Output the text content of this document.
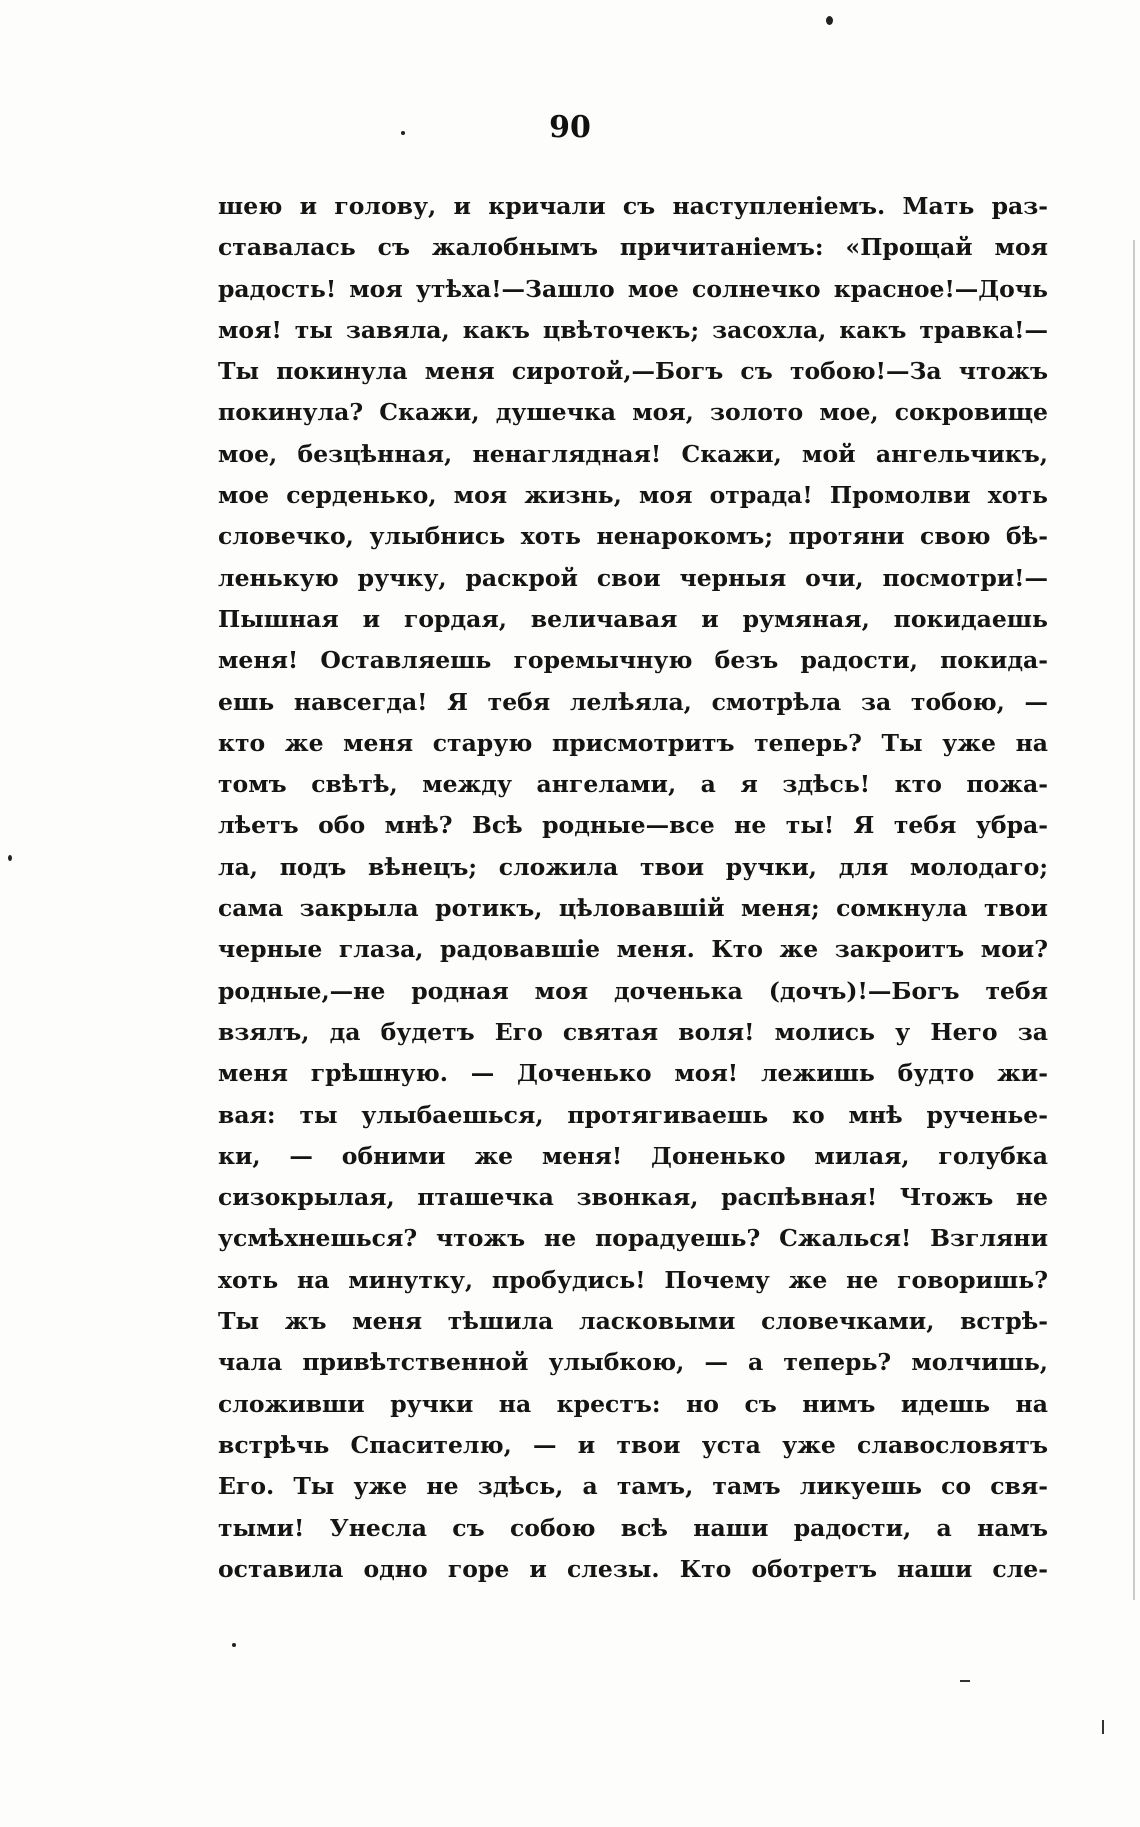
90
шею и голову, и кричали съ наступленіемъ. Мать раз-
ставалась съ жалобнымъ причитаніемъ: «Прощай моя
радость! моя утѣха!—Зашло мое солнечко красное!—Дочь
моя! ты завяла, какъ цвѣточекъ; засохла, какъ травка!—
Ты покинула меня сиротой,—Богъ съ тобою!—За чтожъ
покинула? Скажи, душечка моя, золото мое, сокровище
мое, безцѣнная, ненаглядная! Скажи, мой ангельчикъ,
мое серденько, моя жизнь, моя отрада! Промолви хоть
словечко, улыбнись хоть ненарокомъ; протяни свою бѣ-
ленькую ручку, раскрой свои черныя очи, посмотри!—
Пышная и гордая, величавая и румяная, покидаешь
меня! Оставляешь горемычную безъ радости, покида-
ешь навсегда! Я тебя лелѣяла, смотрѣла за тобою, —
кто же меня старую присмотритъ теперь? Ты уже на
томъ свѣтѣ, между ангелами, а я здѣсь! кто пожа-
лѣетъ обо мнѣ? Всѣ родные—все не ты! Я тебя убра-
ла, подъ вѣнецъ; сложила твои ручки, для молодаго;
сама закрыла ротикъ, цѣловавшій меня; сомкнула твои
черные глаза, радовавшіе меня. Кто же закроитъ мои?
родные,—не родная моя доченька (дочъ)!—Богъ тебя
взялъ, да будетъ Его святая воля! молись у Него за
меня грѣшную. — Доченько моя! лежишь будто жи-
вая: ты улыбаешься, протягиваешь ко мнѣ рученьe-
ки, — обними же меня! Доненько милая, голубка
сизокрылая, пташечка звонкая, распѣвная! Чтожъ не
усмѣхнешься? чтожъ не порадуешь? Сжалься! Взгляни
хоть на минутку, пробудись! Почему же не говоришь?
Ты жъ меня тѣшила ласковыми словечками, встрѣ-
чала привѣтственной улыбкою, — а теперь? молчишь,
сложивши ручки на крестъ: но съ нимъ идешь на
встрѣчь Спасителю, — и твои уста уже славословятъ
Его. Ты уже не здѣсь, а тамъ, тамъ ликуешь со свя-
тыми! Унесла съ собою всѣ наши радости, а намъ
оставила одно горе и слезы. Кто оботретъ наши сле-
